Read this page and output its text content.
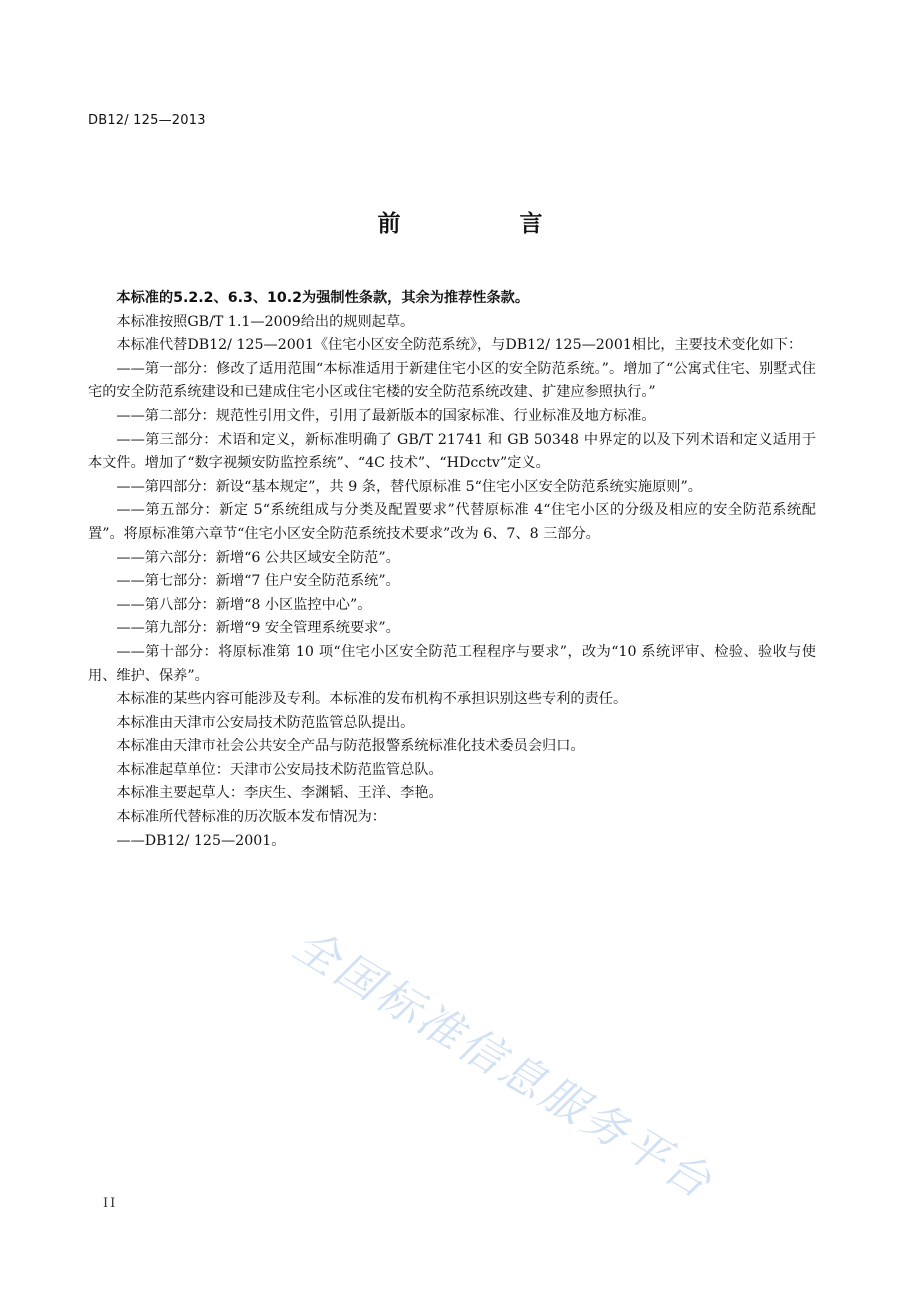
DB12/ 125—2013
前　言

本标准的5.2.2、6.3、10.2为强制性条款，其余为推荐性条款。

本标准按照GB/T 1.1—2009给出的规则起草。

本标准代替DB12/ 125—2001《住宅小区安全防范系统》，与DB12/ 125—2001相比，主要技术变化如下：

——第一部分：修改了适用范围“本标准适用于新建住宅小区的安全防范系统。”。增加了“公寓式住宅、别墅式住宅的安全防范系统建设和已建成住宅小区或住宅楼的安全防范系统改建、扩建应参照执行。”

——第二部分：规范性引用文件，引用了最新版本的国家标准、行业标准及地方标准。

——第三部分：术语和定义，新标准明确了 GB/T 21741 和 GB 50348 中界定的以及下列术语和定义适用于本文件。增加了“数字视频安防监控系统”、“4C 技术”、“HDcctv”定义。

——第四部分：新设“基本规定”，共 9 条，替代原标准 5“住宅小区安全防范系统实施原则”。

——第五部分：新定 5“系统组成与分类及配置要求”代替原标准 4“住宅小区的分级及相应的安全防范系统配置”。将原标准第六章节“住宅小区安全防范系统技术要求”改为 6、7、8 三部分。

——第六部分：新增“6 公共区域安全防范”。

——第七部分：新增“7 住户安全防范系统”。

——第八部分：新增“8 小区监控中心”。

——第九部分：新增“9 安全管理系统要求”。

——第十部分：将原标准第 10 项“住宅小区安全防范工程程序与要求”，改为“10 系统评审、检验、验收与使用、维护、保养”。

本标准的某些内容可能涉及专利。本标准的发布机构不承担识别这些专利的责任。

本标准由天津市公安局技术防范监管总队提出。

本标准由天津市社会公共安全产品与防范报警系统标准化技术委员会归口。

本标准起草单位：天津市公安局技术防范监管总队。

本标准主要起草人：李庆生、李渊韬、王洋、李艳。

本标准所代替标准的历次版本发布情况为：

——DB12/ 125—2001。

II	全国标准信息服务平台
